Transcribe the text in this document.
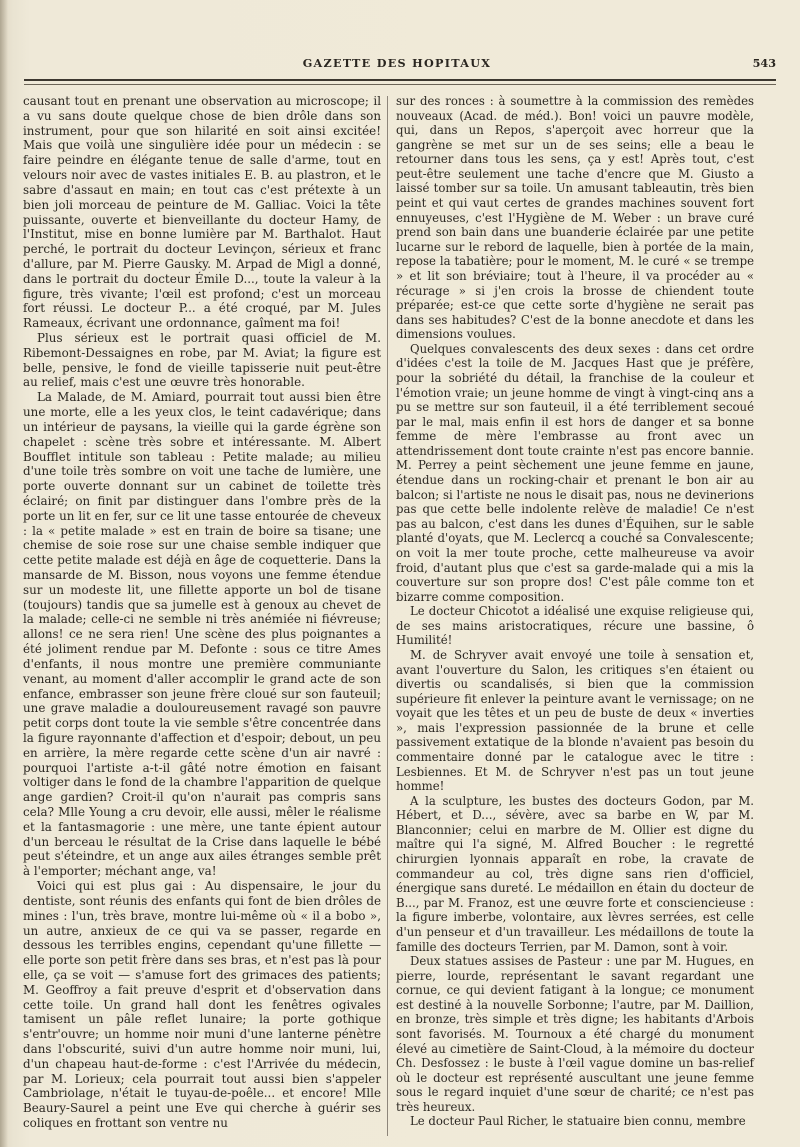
GAZETTE DES HOPITAUX	543

causant tout en prenant une observation au microscope; il a vu sans doute quelque chose de bien drôle dans son instrument, pour que son hilarité en soit ainsi excitée! Mais que voilà une singulière idée pour un médecin : se faire peindre en élégante tenue de salle d'arme, tout en velours noir avec de vastes initiales E. B. au plastron, et le sabre d'assaut en main; en tout cas c'est prétexte à un bien joli morceau de peinture de M. Galliac. Voici la tête puissante, ouverte et bienveillante du docteur Hamy, de l'Institut, mise en bonne lumière par M. Barthalot. Haut perché, le portrait du docteur Levinçon, sérieux et franc d'allure, par M. Pierre Gausky. M. Arpad de Migl a donné, dans le portrait du docteur Émile D..., toute la valeur à la figure, très vivante; l'œil est profond; c'est un morceau fort réussi. Le docteur P... a été croqué, par M. Jules Rameaux, écrivant une ordonnance, gaîment ma foi!

Plus sérieux est le portrait quasi officiel de M. Ribemont-Dessaignes en robe, par M. Aviat; la figure est belle, pensive, le fond de vieille tapisserie nuit peut-être au relief, mais c'est une œuvre très honorable.

La Malade, de M. Amiard, pourrait tout aussi bien être une morte, elle a les yeux clos, le teint cadavérique; dans un intérieur de paysans, la vieille qui la garde égrène son chapelet : scène très sobre et intéressante. M. Albert Boufflet intitule son tableau : Petite malade; au milieu d'une toile très sombre on voit une tache de lumière, une porte ouverte donnant sur un cabinet de toilette très éclairé; on finit par distinguer dans l'ombre près de la porte un lit en fer, sur ce lit une tasse entourée de cheveux : la « petite malade » est en train de boire sa tisane; une chemise de soie rose sur une chaise semble indiquer que cette petite malade est déjà en âge de coquetterie. Dans la mansarde de M. Bisson, nous voyons une femme étendue sur un modeste lit, une fillette apporte un bol de tisane (toujours) tandis que sa jumelle est à genoux au chevet de la malade; celle-ci ne semble ni très anémiée ni fiévreuse; allons! ce ne sera rien! Une scène des plus poignantes a été joliment rendue par M. Defonte : sous ce titre Ames d'enfants, il nous montre une première communiante venant, au moment d'aller accomplir le grand acte de son enfance, embrasser son jeune frère cloué sur son fauteuil; une grave maladie a douloureusement ravagé son pauvre petit corps dont toute la vie semble s'être concentrée dans la figure rayonnante d'affection et d'espoir; debout, un peu en arrière, la mère regarde cette scène d'un air navré : pourquoi l'artiste a-t-il gâté notre émotion en faisant voltiger dans le fond de la chambre l'apparition de quelque ange gardien? Croit-il qu'on n'aurait pas compris sans cela? Mlle Young a cru devoir, elle aussi, mêler le réalisme et la fantasmagorie : une mère, une tante épient autour d'un berceau le résultat de la Crise dans laquelle le bébé peut s'éteindre, et un ange aux ailes étranges semble prêt à l'emporter; méchant ange, va!

Voici qui est plus gai : Au dispensaire, le jour du dentiste, sont réunis des enfants qui font de bien drôles de mines : l'un, très brave, montre lui-même où « il a bobo », un autre, anxieux de ce qui va se passer, regarde en dessous les terribles engins, cependant qu'une fillette — elle porte son petit frère dans ses bras, et n'est pas là pour elle, ça se voit — s'amuse fort des grimaces des patients; M. Geoffroy a fait preuve d'esprit et d'observation dans cette toile. Un grand hall dont les fenêtres ogivales tamisent un pâle reflet lunaire; la porte gothique s'entr'ouvre; un homme noir muni d'une lanterne pénètre dans l'obscurité, suivi d'un autre homme noir muni, lui, d'un chapeau haut-de-forme : c'est l'Arrivée du médecin, par M. Lorieux; cela pourrait tout aussi bien s'appeler Cambriolage, n'était le tuyau-de-poêle... et encore! Mlle Beaury-Saurel a peint une Eve qui cherche à guérir ses coliques en frottant son ventre nu

sur des ronces : à soumettre à la commission des remèdes nouveaux (Acad. de méd.). Bon! voici un pauvre modèle, qui, dans un Repos, s'aperçoit avec horreur que la gangrène se met sur un de ses seins; elle a beau le retourner dans tous les sens, ça y est! Après tout, c'est peut-être seulement une tache d'encre que M. Giusto a laissé tomber sur sa toile. Un amusant tableautin, très bien peint et qui vaut certes de grandes machines souvent fort ennuyeuses, c'est l'Hygiène de M. Weber : un brave curé prend son bain dans une buanderie éclairée par une petite lucarne sur le rebord de laquelle, bien à portée de la main, repose la tabatière; pour le moment, M. le curé « se trempe » et lit son bréviaire; tout à l'heure, il va procéder au « récurage » si j'en crois la brosse de chiendent toute préparée; est-ce que cette sorte d'hygiène ne serait pas dans ses habitudes? C'est de la bonne anecdote et dans les dimensions voulues.

Quelques convalescents des deux sexes : dans cet ordre d'idées c'est la toile de M. Jacques Hast que je préfère, pour la sobriété du détail, la franchise de la couleur et l'émotion vraie; un jeune homme de vingt à vingt-cinq ans a pu se mettre sur son fauteuil, il a été terriblement secoué par le mal, mais enfin il est hors de danger et sa bonne femme de mère l'embrasse au front avec un attendrissement dont toute crainte n'est pas encore bannie. M. Perrey a peint sèchement une jeune femme en jaune, étendue dans un rocking-chair et prenant le bon air au balcon; si l'artiste ne nous le disait pas, nous ne devinerions pas que cette belle indolente relève de maladie! Ce n'est pas au balcon, c'est dans les dunes d'Équihen, sur le sable planté d'oyats, que M. Leclercq a couché sa Convalescente; on voit la mer toute proche, cette malheureuse va avoir froid, d'autant plus que c'est sa garde-malade qui a mis la couverture sur son propre dos! C'est pâle comme ton et bizarre comme composition.

Le docteur Chicotot a idéalisé une exquise religieuse qui, de ses mains aristocratiques, récure une bassine, ô Humilité!

M. de Schryver avait envoyé une toile à sensation et, avant l'ouverture du Salon, les critiques s'en étaient ou divertis ou scandalisés, si bien que la commission supérieure fit enlever la peinture avant le vernissage; on ne voyait que les têtes et un peu de buste de deux « inverties », mais l'expression passionnée de la brune et celle passivement extatique de la blonde n'avaient pas besoin du commentaire donné par le catalogue avec le titre : Lesbiennes. Et M. de Schryver n'est pas un tout jeune homme!

A la sculpture, les bustes des docteurs Godon, par M. Hébert, et D..., sévère, avec sa barbe en W, par M. Blanconnier; celui en marbre de M. Ollier est digne du maître qui l'a signé, M. Alfred Boucher : le regretté chirurgien lyonnais apparaît en robe, la cravate de commandeur au col, très digne sans rien d'officiel, énergique sans dureté. Le médaillon en étain du docteur de B..., par M. Franoz, est une œuvre forte et consciencieuse : la figure imberbe, volontaire, aux lèvres serrées, est celle d'un penseur et d'un travailleur. Les médaillons de toute la famille des docteurs Terrien, par M. Damon, sont à voir.

Deux statues assises de Pasteur : une par M. Hugues, en pierre, lourde, représentant le savant regardant une cornue, ce qui devient fatigant à la longue; ce monument est destiné à la nouvelle Sorbonne; l'autre, par M. Daillion, en bronze, très simple et très digne; les habitants d'Arbois sont favorisés. M. Tournoux a été chargé du monument élevé au cimetière de Saint-Cloud, à la mémoire du docteur Ch. Desfossez : le buste à l'œil vague domine un bas-relief où le docteur est représenté auscultant une jeune femme sous le regard inquiet d'une sœur de charité; ce n'est pas très heureux.

Le docteur Paul Richer, le statuaire bien connu, membre
